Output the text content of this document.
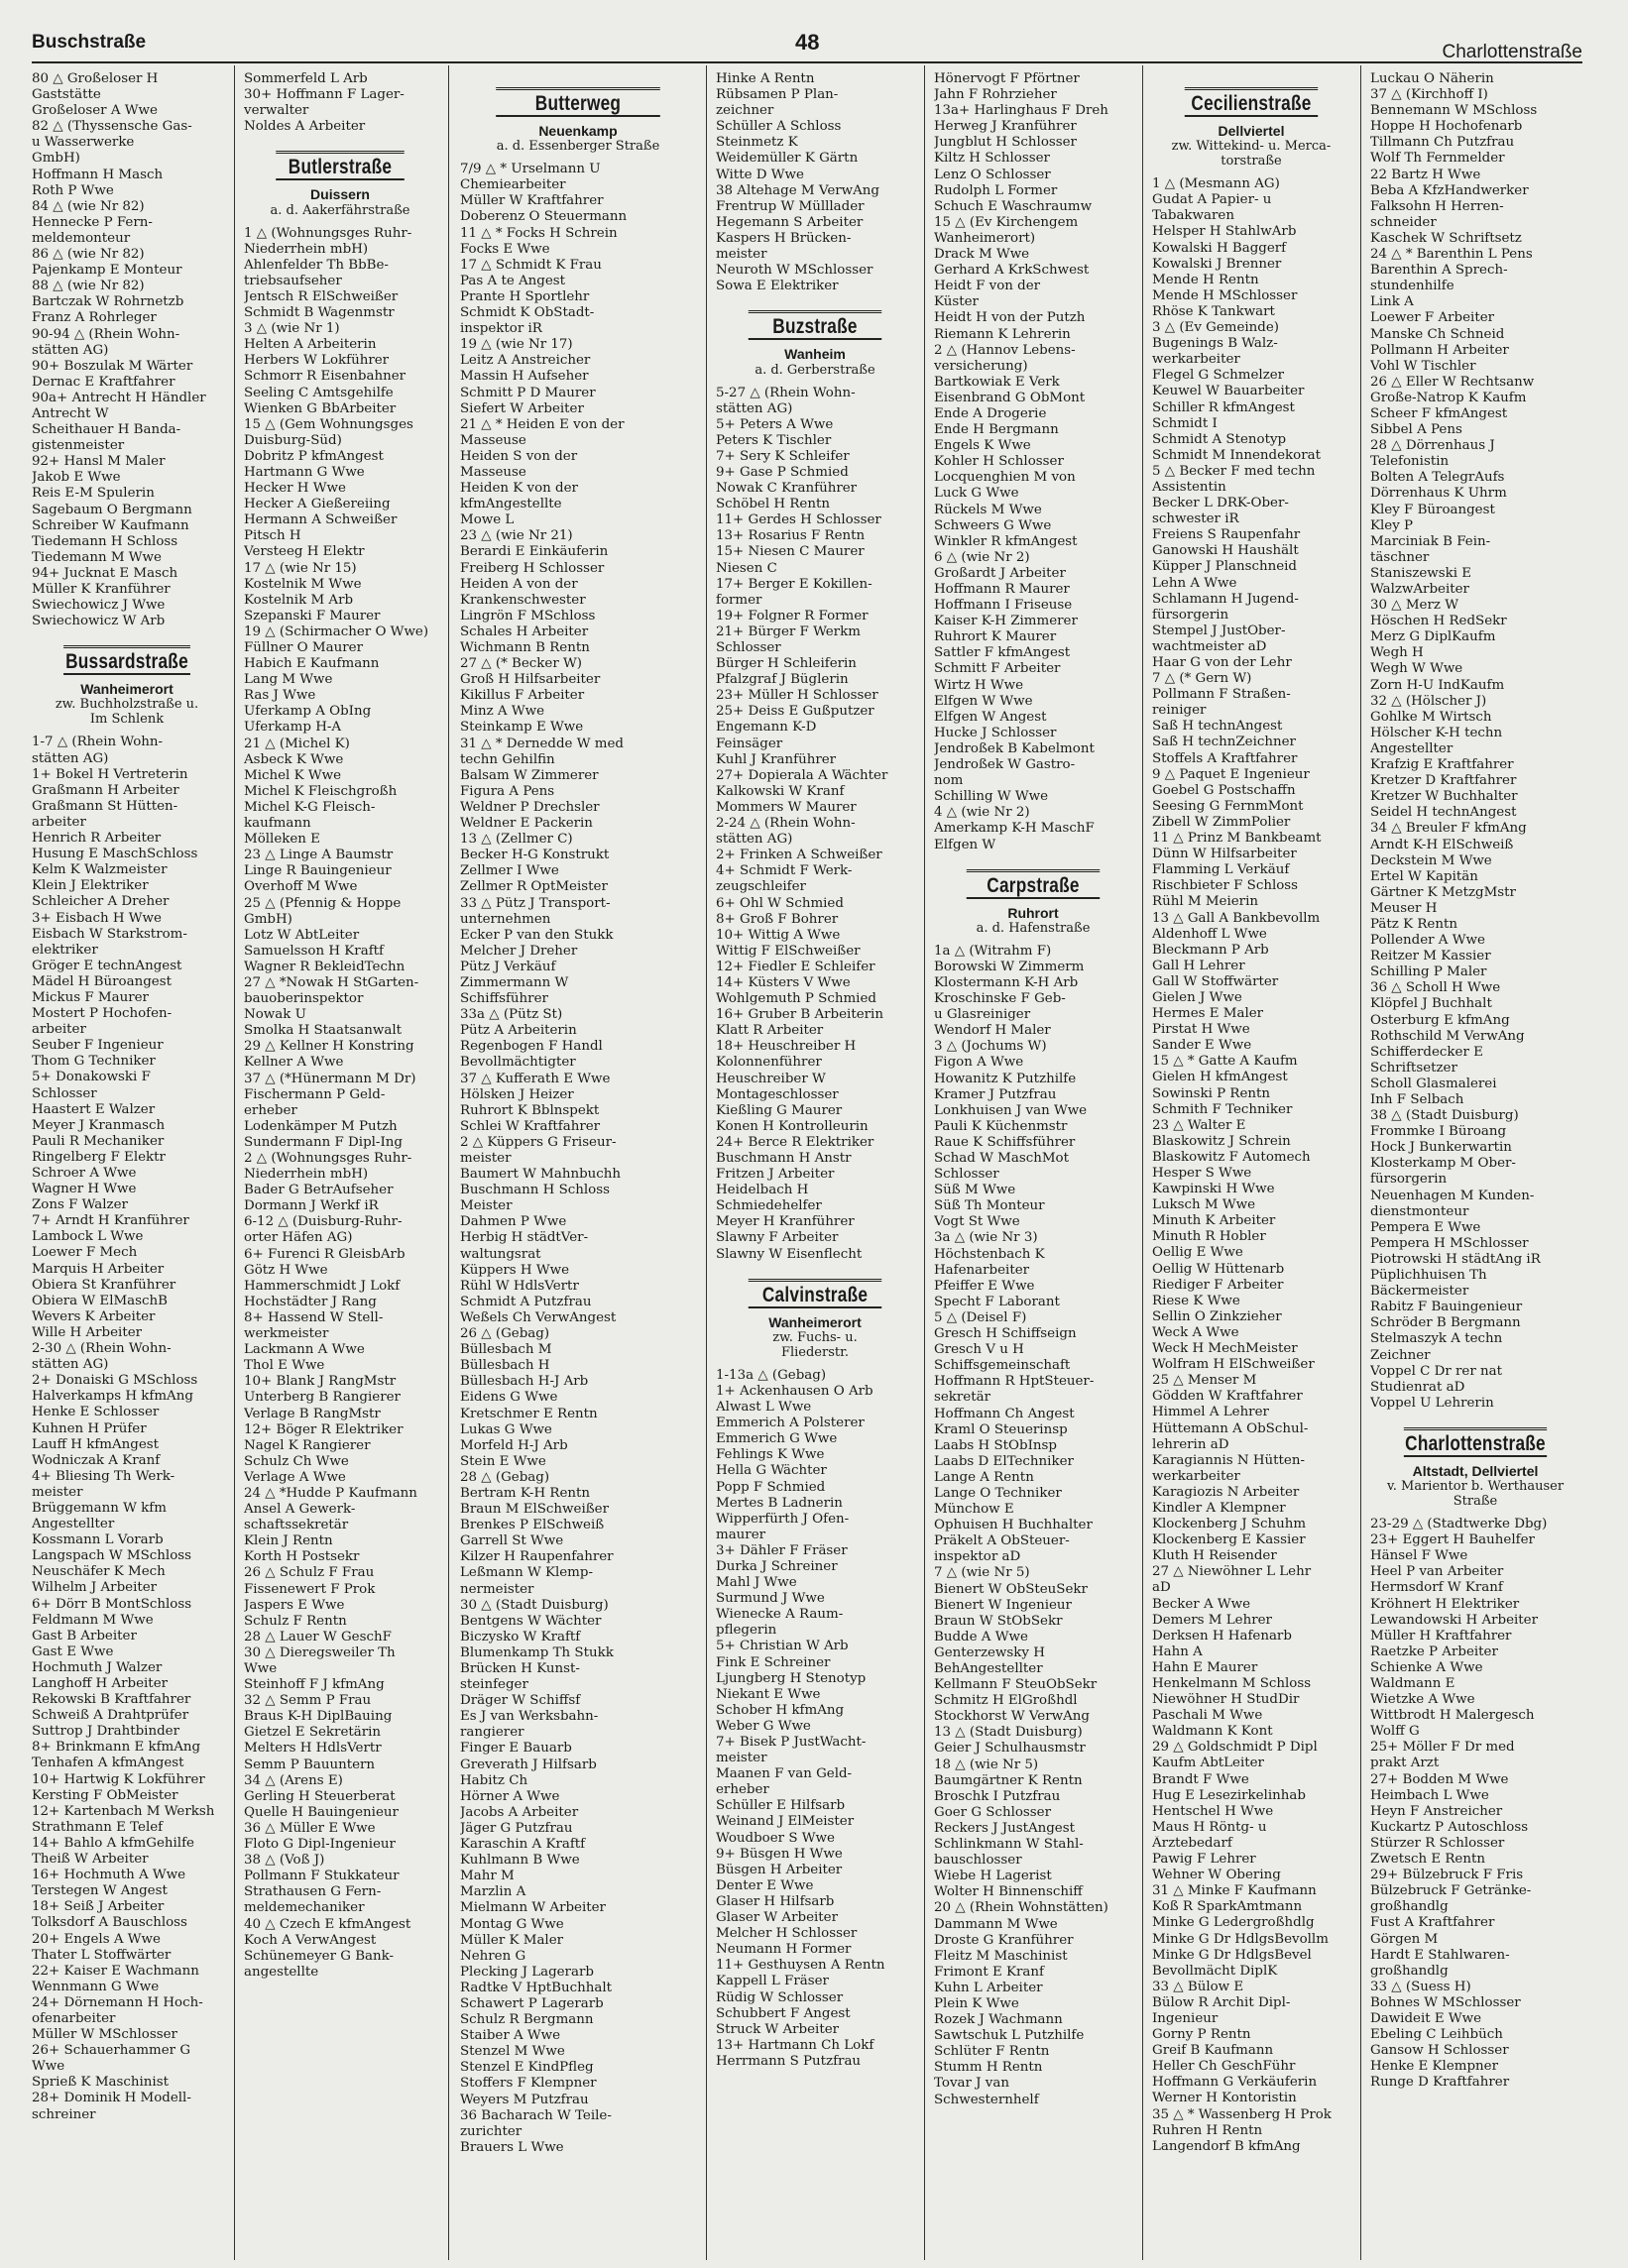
Buschstraße	48	Charlottenstraße
80 △ Großeloser H
Gaststätte
Großeloser A Wwe
82 △ (Thyssensche Gas-
u Wasserwerke
GmbH)
Hoffmann H Masch
Roth P Wwe
84 △ (wie Nr 82)
Hennecke P Fern-
meldemonteur
86 △ (wie Nr 82)
Pajenkamp E Monteur
88 △ (wie Nr 82)
Bartczak W Rohrnetzb
Franz A Rohrleger
90-94 △ (Rhein Wohn-
stätten AG)
90+ Boszulak M Wärter
Dernac E Kraftfahrer
90a+ Antrecht H Händler
Antrecht W
Scheithauer H Banda-
gistenmeister
92+ Hansl M Maler
Jakob E Wwe
Reis E-M Spulerin
Sagebaum O Bergmann
Schreiber W Kaufmann
Tiedemann H Schloss
Tiedemann M Wwe
94+ Jucknat E Masch
Müller K Kranführer
Swiechowicz J Wwe
Swiechowicz W Arb
Bussardstraße
Wanheimerort
zw. Buchholzstraße u.
Im Schlenk
1-7 △ (Rhein Wohn-
stätten AG)
1+ Bokel H Vertreterin
Graßmann H Arbeiter
Graßmann St Hütten-
arbeiter
Henrich R Arbeiter
Husung E MaschSchloss
Kelm K Walzmeister
Klein J Elektriker
Schleicher A Dreher
3+ Eisbach H Wwe
Eisbach W Starkstrom-
elektriker
Gröger E technAngest
Mädel H Büroangest
Mickus F Maurer
Mostert P Hochofen-
arbeiter
Seuber F Ingenieur
Thom G Techniker
5+ Donakowski F
Schlosser
Haastert E Walzer
Meyer J Kranmasch
Pauli R Mechaniker
Ringelberg F Elektr
Schroer A Wwe
Wagner H Wwe
Zons F Walzer
7+ Arndt H Kranführer
Lambock L Wwe
Loewer F Mech
Marquis H Arbeiter
Obiera St Kranführer
Obiera W ElMaschB
Wevers K Arbeiter
Wille H Arbeiter
2-30 △ (Rhein Wohn-
stätten AG)
2+ Donaiski G MSchloss
Halverkamps H kfmAng
Henke E Schlosser
Kuhnen H Prüfer
Lauff H kfmAngest
Wodniczak A Kranf
4+ Bliesing Th Werk-
meister
Brüggemann W kfm
Angestellter
Kossmann L Vorarb
Langspach W MSchloss
Neuschäfer K Mech
Wilhelm J Arbeiter
6+ Dörr B MontSchloss
Feldmann M Wwe
Gast B Arbeiter
Gast E Wwe
Hochmuth J Walzer
Langhoff H Arbeiter
Rekowski B Kraftfahrer
Schweiß A Drahtprüfer
Suttrop J Drahtbinder
8+ Brinkmann E kfmAng
Tenhafen A kfmAngest
10+ Hartwig K Lokführer
Kersting F ObMeister
12+ Kartenbach M Werksh
Strathmann E Telef
14+ Bahlo A kfmGehilfe
Theiß W Arbeiter
16+ Hochmuth A Wwe
Terstegen W Angest
18+ Seiß J Arbeiter
Tolksdorf A Bauschloss
20+ Engels A Wwe
Thater L Stoffwärter
22+ Kaiser E Wachmann
Wennmann G Wwe
24+ Dörnemann H Hoch-
ofenarbeiter
Müller W MSchlosser
26+ Schauerhammer G
Wwe
Sprieß K Maschinist
28+ Dominik H Modell-
schreiner
Sommerfeld L Arb
30+ Hoffmann F Lager-
verwalter
Noldes A Arbeiter
Butlerstraße
Duissern
a. d. Aakerfährstraße
1 △ (Wohnungsges Ruhr-
Niederrhein mbH)
Ahlenfelder Th BbBe-
triebsaufseher
Jentsch R ElSchweißer
Schmidt B Wagenmstr
3 △ (wie Nr 1)
Helten A Arbeiterin
Herbers W Lokführer
Schmorr R Eisenbahner
Seeling C Amtsgehilfe
Wienken G BbArbeiter
15 △ (Gem Wohnungsges
Duisburg-Süd)
Dobritz P kfmAngest
Hartmann G Wwe
Hecker H Wwe
Hecker A Gießereiing
Hermann A Schweißer
Pitsch H
Versteeg H Elektr
17 △ (wie Nr 15)
Kostelnik M Wwe
Kostelnik M Arb
Szepanski F Maurer
19 △ (Schirmacher O Wwe)
Füllner O Maurer
Habich E Kaufmann
Lang M Wwe
Ras J Wwe
Uferkamp A ObIng
Uferkamp H-A
21 △ (Michel K)
Asbeck K Wwe
Michel K Wwe
Michel K Fleischgroßh
Michel K-G Fleisch-
kaufmann
Mölleken E
23 △ Linge A Baumstr
Linge R Bauingenieur
Overhoff M Wwe
25 △ (Pfennig & Hoppe
GmbH)
Lotz W AbtLeiter
Samuelsson H Kraftf
Wagner R BekleidTechn
27 △ *Nowak H StGarten-
bauoberinspektor
Nowak U
Smolka H Staatsanwalt
29 △ Kellner H Konstring
Kellner A Wwe
37 △ (*Hünermann M Dr)
Fischermann P Geld-
erheber
Lodenkämper M Putzh
Sundermann F Dipl-Ing
2 △ (Wohnungsges Ruhr-
Niederrhein mbH)
Bader G BetrAufseher
Dormann J Werkf iR
6-12 △ (Duisburg-Ruhr-
orter Häfen AG)
6+ Furenci R GleisbArb
Götz H Wwe
Hammerschmidt J Lokf
Hochstädter J Rang
8+ Hassend W Stell-
werkmeister
Lackmann A Wwe
Thol E Wwe
10+ Blank J RangMstr
Unterberg B Rangierer
Verlage B RangMstr
12+ Böger R Elektriker
Nagel K Rangierer
Schulz Ch Wwe
Verlage A Wwe
24 △ *Hudde P Kaufmann
Ansel A Gewerk-
schaftssekretär
Klein J Rentn
Korth H Postsekr
26 △ Schulz F Frau
Fissenewert F Prok
Jaspers E Wwe
Schulz F Rentn
28 △ Lauer W GeschF
30 △ Dieregsweiler Th
Wwe
Steinhoff F J kfmAng
32 △ Semm P Frau
Braus K-H DiplBauing
Gietzel E Sekretärin
Melters H HdlsVertr
Semm P Bauuntern
34 △ (Arens E)
Gerling H Steuerberat
Quelle H Bauingenieur
36 △ Müller E Wwe
Floto G Dipl-Ingenieur
38 △ (Voß J)
Pollmann F Stukkateur
Strathausen G Fern-
meldemechaniker
40 △ Czech E kfmAngest
Koch A VerwAngest
Schünemeyer G Bank-
angestellte
Butterweg
Neuenkamp
a. d. Essenberger Straße
7/9 △ * Urselmann U
Chemiearbeiter
Müller W Kraftfahrer
Doberenz O Steuermann
11 △ * Focks H Schrein
Focks E Wwe
17 △ Schmidt K Frau
Pas A te Angest
Prante H Sportlehr
Schmidt K ObStadt-
inspektor iR
19 △ (wie Nr 17)
Leitz A Anstreicher
Massin H Aufseher
Schmitt P D Maurer
Siefert W Arbeiter
21 △ * Heiden E von der
Masseuse
Heiden S von der
Masseuse
Heiden K von der
kfmAngestellte
Mowe L
23 △ (wie Nr 21)
Berardi E Einkäuferin
Freiberg H Schlosser
Heiden A von der
Krankenschwester
Lingrön F MSchloss
Schales H Arbeiter
Wichmann B Rentn
27 △ (* Becker W)
Groß H Hilfsarbeiter
Kikillus F Arbeiter
Minz A Wwe
Steinkamp E Wwe
31 △ * Dernedde W med
techn Gehilfin
Balsam W Zimmerer
Figura A Pens
Weldner P Drechsler
Weldner E Packerin
13 △ (Zellmer C)
Becker H-G Konstrukt
Zellmer I Wwe
Zellmer R OptMeister
33 △ Pütz J Transport-
unternehmen
Ecker P van den Stukk
Melcher J Dreher
Pütz J Verkäuf
Zimmermann W
Schiffsführer
33a △ (Pütz St)
Pütz A Arbeiterin
Regenbogen F Handl
Bevollmächtigter
37 △ Kufferath E Wwe
Hölsken J Heizer
Ruhrort K Bblnspekt
Schlei W Kraftfahrer
2 △ Küppers G Friseur-
meister
Baumert W Mahnbuchh
Buschmann H Schloss
Meister
Dahmen P Wwe
Herbig H städtVer-
waltungsrat
Küppers H Wwe
Rühl W HdlsVertr
Schmidt A Putzfrau
Weßels Ch VerwAngest
26 △ (Gebag)
Büllesbach M
Büllesbach H
Büllesbach H-J Arb
Eidens G Wwe
Kretschmer E Rentn
Lukas G Wwe
Morfeld H-J Arb
Stein E Wwe
28 △ (Gebag)
Bertram K-H Rentn
Braun M ElSchweißer
Brenkes P ElSchweiß
Garrell St Wwe
Kilzer H Raupenfahrer
Leßmann W Klemp-
nermeister
30 △ (Stadt Duisburg)
Bentgens W Wächter
Biczysko W Kraftf
Blumenkamp Th Stukk
Brücken H Kunst-
steinfeger
Dräger W Schiffsf
Es J van Werksbahn-
rangierer
Finger E Bauarb
Greverath J Hilfsarb
Habitz Ch
Hörner A Wwe
Jacobs A Arbeiter
Jäger G Putzfrau
Karaschin A Kraftf
Kuhlmann B Wwe
Mahr M
Marzlin A
Mielmann W Arbeiter
Montag G Wwe
Müller K Maler
Nehren G
Plecking J Lagerarb
Radtke V HptBuchhalt
Schawert P Lagerarb
Schulz R Bergmann
Staiber A Wwe
Stenzel M Wwe
Stenzel E KindPfleg
Stoffers F Klempner
Weyers M Putzfrau
36 Bacharach W Teile-
zurichter
Brauers L Wwe
Hinke A Rentn
Rübsamen P Plan-
zeichner
Schüller A Schloss
Steinmetz K
Weidemüller K Gärtn
Witte D Wwe
38 Altehage M VerwAng
Frentrup W Mülllader
Hegemann S Arbeiter
Kaspers H Brücken-
meister
Neuroth W MSchlosser
Sowa E Elektriker
Buzstraße
Wanheim
a. d. Gerberstraße
5-27 △ (Rhein Wohn-
stätten AG)
5+ Peters A Wwe
Peters K Tischler
7+ Sery K Schleifer
9+ Gase P Schmied
Nowak C Kranführer
Schöbel H Rentn
11+ Gerdes H Schlosser
13+ Rosarius F Rentn
15+ Niesen C Maurer
Niesen C
17+ Berger E Kokillen-
former
19+ Folgner R Former
21+ Bürger F Werkm
Schlosser
Bürger H Schleiferin
Pfalzgraf J Büglerin
23+ Müller H Schlosser
25+ Deiss E Gußputzer
Engemann K-D
Feinsäger
Kuhl J Kranführer
27+ Dopierala A Wächter
Kalkowski W Kranf
Mommers W Maurer
2-24 △ (Rhein Wohn-
stätten AG)
2+ Frinken A Schweißer
4+ Schmidt F Werk-
zeugschleifer
6+ Ohl W Schmied
8+ Groß F Bohrer
10+ Wittig A Wwe
Wittig F ElSchweißer
12+ Fiedler E Schleifer
14+ Küsters V Wwe
Wohlgemuth P Schmied
16+ Gruber B Arbeiterin
Klatt R Arbeiter
18+ Heuschreiber H
Kolonnenführer
Heuschreiber W
Montageschlosser
Kießling G Maurer
Konen H Kontrolleurin
24+ Berce R Elektriker
Buschmann H Anstr
Fritzen J Arbeiter
Heidelbach H
Schmiedehelfer
Meyer H Kranführer
Slawny F Arbeiter
Slawny W Eisenflecht
Calvinstraße
Wanheimerort
zw. Fuchs- u.
Fliederstr.
1-13a △ (Gebag)
1+ Ackenhausen O Arb
Alwast L Wwe
Emmerich A Polsterer
Emmerich G Wwe
Fehlings K Wwe
Hella G Wächter
Popp F Schmied
Mertes B Ladnerin
Wipperfürth J Ofen-
maurer
3+ Dähler F Fräser
Durka J Schreiner
Mahl J Wwe
Surmund J Wwe
Wienecke A Raum-
pflegerin
5+ Christian W Arb
Fink E Schreiner
Ljungberg H Stenotyp
Niekant E Wwe
Schober H kfmAng
Weber G Wwe
7+ Bisek P JustWacht-
meister
Maanen F van Geld-
erheber
Schüller E Hilfsarb
Weinand J ElMeister
Woudboer S Wwe
9+ Büsgen H Wwe
Büsgen H Arbeiter
Denter E Wwe
Glaser H Hilfsarb
Glaser W Arbeiter
Melcher H Schlosser
Neumann H Former
11+ Gesthuysen A Rentn
Kappell L Fräser
Rüdig W Schlosser
Schubbert F Angest
Struck W Arbeiter
13+ Hartmann Ch Lokf
Herrmann S Putzfrau
Hönervogt F Pförtner
Jahn F Rohrzieher
13a+ Harlinghaus F Dreh
Herweg J Kranführer
Jungblut H Schlosser
Kiltz H Schlosser
Lenz O Schlosser
Rudolph L Former
Schuch E Waschraumw
15 △ (Ev Kirchengem
Wanheimerort)
Drack M Wwe
Gerhard A KrkSchwest
Heidt F von der
Küster
Heidt H von der Putzh
Riemann K Lehrerin
2 △ (Hannov Lebens-
versicherung)
Bartkowiak E Verk
Eisenbrand G ObMont
Ende A Drogerie
Ende H Bergmann
Engels K Wwe
Kohler H Schlosser
Locquenghien M von
Luck G Wwe
Rückels M Wwe
Schweers G Wwe
Winkler R kfmAngest
6 △ (wie Nr 2)
Großardt J Arbeiter
Hoffmann R Maurer
Hoffmann I Friseuse
Kaiser K-H Zimmerer
Ruhrort K Maurer
Sattler F kfmAngest
Schmitt F Arbeiter
Wirtz H Wwe
Elfgen W Wwe
Elfgen W Angest
Hucke J Schlosser
Jendroßek B Kabelmont
Jendroßek W Gastro-
nom
Schilling W Wwe
4 △ (wie Nr 2)
Amerkamp K-H MaschF
Elfgen W
Carpstraße
Ruhrort
a. d. Hafenstraße
1a △ (Witrahm F)
Borowski W Zimmerm
Klostermann K-H Arb
Kroschinske F Geb-
u Glasreiniger
Wendorf H Maler
3 △ (Jochums W)
Figon A Wwe
Howanitz K Putzhilfe
Kramer J Putzfrau
Lonkhuisen J van Wwe
Pauli K Küchenmstr
Raue K Schiffsführer
Schad W MaschMot
Schlosser
Süß M Wwe
Süß Th Monteur
Vogt St Wwe
3a △ (wie Nr 3)
Höchstenbach K
Hafenarbeiter
Pfeiffer E Wwe
Specht F Laborant
5 △ (Deisel F)
Gresch H Schiffseign
Gresch V u H
Schiffsgemeinschaft
Hoffmann R HptSteuer-
sekretär
Hoffmann Ch Angest
Kraml O Steuerinsp
Laabs H StObInsp
Laabs D ElTechniker
Lange A Rentn
Lange O Techniker
Münchow E
Ophuisen H Buchhalter
Präkelt A ObSteuer-
inspektor aD
7 △ (wie Nr 5)
Bienert W ObSteuSekr
Bienert W Ingenieur
Braun W StObSekr
Budde A Wwe
Genterzewsky H
BehAngestellter
Kellmann F SteuObSekr
Schmitz H ElGroßhdl
Stockhorst W VerwAng
13 △ (Stadt Duisburg)
Geier J Schulhausmstr
18 △ (wie Nr 5)
Baumgärtner K Rentn
Broschk I Putzfrau
Goer G Schlosser
Reckers J JustAngest
Schlinkmann W Stahl-
bauschlosser
Wiebe H Lagerist
Wolter H Binnenschiff
20 △ (Rhein Wohnstätten)
Dammann M Wwe
Droste G Kranführer
Fleitz M Maschinist
Frimont E Kranf
Kuhn L Arbeiter
Plein K Wwe
Rozek J Wachmann
Sawtschuk L Putzhilfe
Schlüter F Rentn
Stumm H Rentn
Tovar J van
Schwesternhelf
Cecilienstraße
Dellviertel
zw. Wittekind- u. Merca-
torstraße
1 △ (Mesmann AG)
Gudat A Papier- u
Tabakwaren
Helsper H StahlwArb
Kowalski H Baggerf
Kowalski J Brenner
Mende H Rentn
Mende H MSchlosser
Rhöse K Tankwart
3 △ (Ev Gemeinde)
Bugenings B Walz-
werkarbeiter
Flegel G Schmelzer
Keuwel W Bauarbeiter
Schiller R kfmAngest
Schmidt I
Schmidt A Stenotyp
Schmidt M Innendekorat
5 △ Becker F med techn
Assistentin
Becker L DRK-Ober-
schwester iR
Freiens S Raupenfahr
Ganowski H Haushält
Küpper J Planschneid
Lehn A Wwe
Schlamann H Jugend-
fürsorgerin
Stempel J JustOber-
wachtmeister aD
Haar G von der Lehr
7 △ (* Gern W)
Pollmann F Straßen-
reiniger
Saß H technAngest
Saß H technZeichner
Stoffels A Kraftfahrer
9 △ Paquet E Ingenieur
Goebel G Postschaffn
Seesing G FernmMont
Zibell W ZimmPolier
11 △ Prinz M Bankbeamt
Dünn W Hilfsarbeiter
Flamming L Verkäuf
Rischbieter F Schloss
Rühl M Meierin
13 △ Gall A Bankbevollm
Aldenhoff L Wwe
Bleckmann P Arb
Gall H Lehrer
Gall W Stoffwärter
Gielen J Wwe
Hermes E Maler
Pirstat H Wwe
Sander E Wwe
15 △ * Gatte A Kaufm
Gielen H kfmAngest
Sowinski P Rentn
Schmith F Techniker
23 △ Walter E
Blaskowitz J Schrein
Blaskowitz F Automech
Hesper S Wwe
Kawpinski H Wwe
Luksch M Wwe
Minuth K Arbeiter
Minuth R Hobler
Oellig E Wwe
Oellig W Hüttenarb
Riediger F Arbeiter
Riese K Wwe
Sellin O Zinkzieher
Weck A Wwe
Weck H MechMeister
Wolfram H ElSchweißer
25 △ Menser M
Gödden W Kraftfahrer
Himmel A Lehrer
Hüttemann A ObSchul-
lehrerin aD
Karagiannis N Hütten-
werkarbeiter
Karagiozis N Arbeiter
Kindler A Klempner
Klockenberg J Schuhm
Klockenberg E Kassier
Kluth H Reisender
27 △ Niewöhner L Lehr
aD
Becker A Wwe
Demers M Lehrer
Derksen H Hafenarb
Hahn A
Hahn E Maurer
Henkelmann M Schloss
Niewöhner H StudDir
Paschali M Wwe
Waldmann K Kont
29 △ Goldschmidt P Dipl
Kaufm AbtLeiter
Brandt F Wwe
Hug E Lesezirkelinhab
Hentschel H Wwe
Maus H Röntg- u
Ärztebedarf
Pawig F Lehrer
Wehner W Obering
31 △ Minke F Kaufmann
Koß R SparkAmtmann
Minke G Ledergroßhdlg
Minke G Dr HdlgsBevollm
Minke G Dr HdlgsBevel
Bevollmächt DiplK
33 △ Bülow E
Bülow R Archit Dipl-
Ingenieur
Gorny P Rentn
Greif B Kaufmann
Heller Ch GeschFühr
Hoffmann G Verkäuferin
Werner H Kontoristin
35 △ * Wassenberg H Prok
Ruhren H Rentn
Langendorf B kfmAng
Luckau O Näherin
37 △ (Kirchhoff I)
Bennemann W MSchloss
Hoppe H Hochofenarb
Tillmann Ch Putzfrau
Wolf Th Fernmelder
22 Bartz H Wwe
Beba A KfzHandwerker
Falksohn H Herren-
schneider
Kaschek W Schriftsetz
24 △ * Barenthin L Pens
Barenthin A Sprech-
stundenhilfe
Link A
Loewer F Arbeiter
Manske Ch Schneid
Pollmann H Arbeiter
Vohl W Tischler
26 △ Eller W Rechtsanw
Große-Natrop K Kaufm
Scheer F kfmAngest
Sibbel A Pens
28 △ Dörrenhaus J
Telefonistin
Bolten A TelegrAufs
Dörrenhaus K Uhrm
Kley F Büroangest
Kley P
Marciniak B Fein-
täschner
Staniszewski E
WalzwArbeiter
30 △ Merz W
Höschen H RedSekr
Merz G DiplKaufm
Wegh H
Wegh W Wwe
Zorn H-U IndKaufm
32 △ (Hölscher J)
Gohlke M Wirtsch
Hölscher K-H techn
Angestellter
Krafzig E Kraftfahrer
Kretzer D Kraftfahrer
Kretzer W Buchhalter
Seidel H technAngest
34 △ Breuler F kfmAng
Arndt K-H ElSchweiß
Deckstein M Wwe
Ertel W Kapitän
Gärtner K MetzgMstr
Meuser H
Pätz K Rentn
Pollender A Wwe
Reitzer M Kassier
Schilling P Maler
36 △ Scholl H Wwe
Klöpfel J Buchhalt
Osterburg E kfmAng
Rothschild M VerwAng
Schifferdecker E
Schriftsetzer
Scholl Glasmalerei
Inh F Selbach
38 △ (Stadt Duisburg)
Frommke I Büroang
Hock J Bunkerwartin
Klosterkamp M Ober-
fürsorgerin
Neuenhagen M Kunden-
dienstmonteur
Pempera E Wwe
Pempera H MSchlosser
Piotrowski H städtAng iR
Püplichhuisen Th
Bäckermeister
Rabitz F Bauingenieur
Schröder B Bergmann
Stelmaszyk A techn
Zeichner
Voppel C Dr rer nat
Studienrat aD
Voppel U Lehrerin
Charlottenstraße
Altstadt, Dellviertel
v. Marientor b. Werthauser
Straße
23-29 △ (Stadtwerke Dbg)
23+ Eggert H Bauhelfer
Hänsel F Wwe
Heel P van Arbeiter
Hermsdorf W Kranf
Kröhnert H Elektriker
Lewandowski H Arbeiter
Müller H Kraftfahrer
Raetzke P Arbeiter
Schienke A Wwe
Waldmann E
Wietzke A Wwe
Wittbrodt H Malergesch
Wolff G
25+ Möller F Dr med
prakt Arzt
27+ Bodden M Wwe
Heimbach L Wwe
Heyn F Anstreicher
Kuckartz P Autoschloss
Stürzer R Schlosser
Zwetsch E Rentn
29+ Bülzebruck F Fris
Bülzebruck F Getränke-
großhandlg
Fust A Kraftfahrer
Görgen M
Hardt E Stahlwaren-
großhandlg
33 △ (Suess H)
Bohnes W MSchlosser
Dawideit E Wwe
Ebeling C Leihbüch
Gansow H Schlosser
Henke E Klempner
Runge D Kraftfahrer
